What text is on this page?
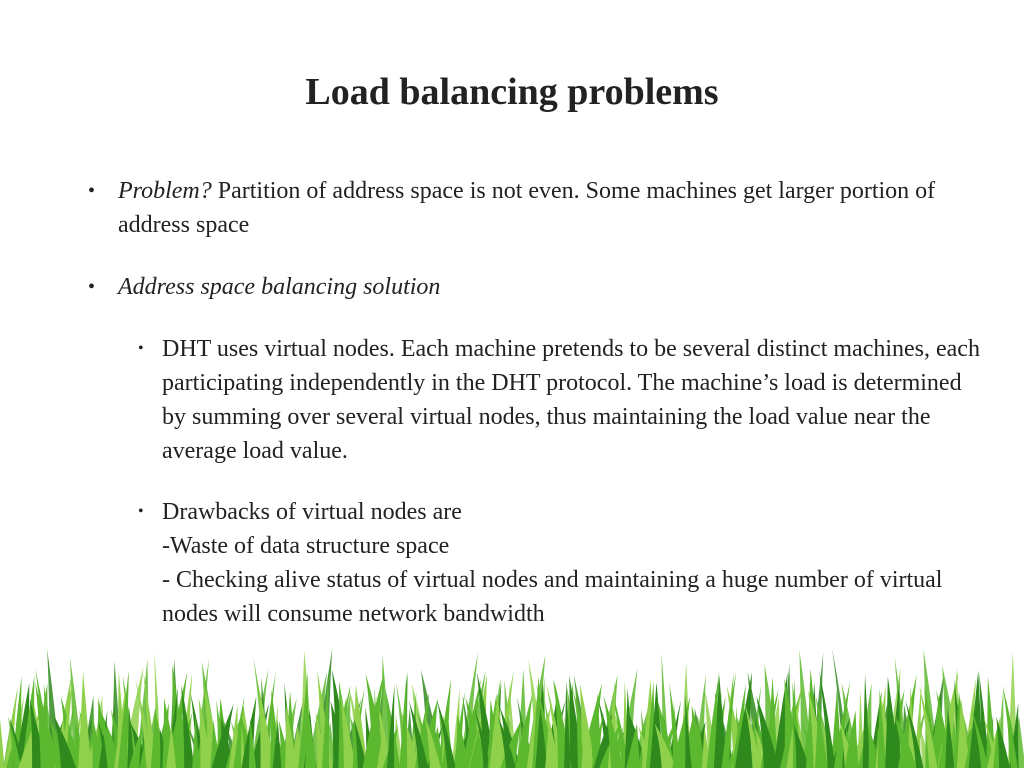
Load balancing problems
• Problem? Partition of address space is not even. Some machines get larger portion of address space
• Address space balancing solution
• DHT uses virtual nodes. Each machine pretends to be several distinct machines, each participating independently in the DHT protocol. The machine’s load is determined by summing over several virtual nodes, thus maintaining the load value near the average load value.
• Drawbacks of virtual nodes are
-Waste of data structure space
- Checking alive status of virtual nodes and maintaining a huge number of virtual nodes will consume network bandwidth
